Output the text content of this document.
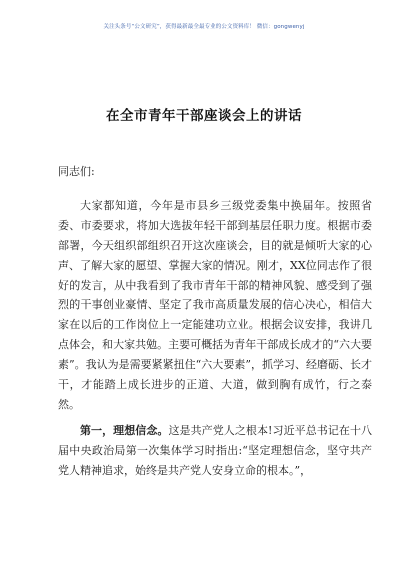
关注头条号“公文研究”，获得最新最全最专业的公文资料库！ 微信：gongwenyj
在全市青年干部座谈会上的讲话

同志们:

大家都知道，今年是市县乡三级党委集中换届年。按照省委、市委要求，将加大选拔年轻干部到基层任职力度。根据市委部署，今天组织部组织召开这次座谈会，目的就是倾听大家的心声、了解大家的愿望、掌握大家的情况。刚才，XX位同志作了很好的发言，从中我看到了我市青年干部的精神风貌、感受到了强烈的干事创业豪情、坚定了我市高质量发展的信心决心，相信大家在以后的工作岗位上一定能建功立业。根据会议安排，我讲几点体会，和大家共勉。主要可概括为青年干部成长成才的“六大要素”。我认为是需要紧紧扭住“六大要素”，抓学习、经磨砺、长才干，才能踏上成长进步的正道、大道，做到胸有成竹，行之泰然。

第一，理想信念。这是共产党人之根本!习近平总书记在十八届中央政治局第一次集体学习时指出:“坚定理想信念，坚守共产党人精神追求，始终是共产党人安身立命的根本。”，
